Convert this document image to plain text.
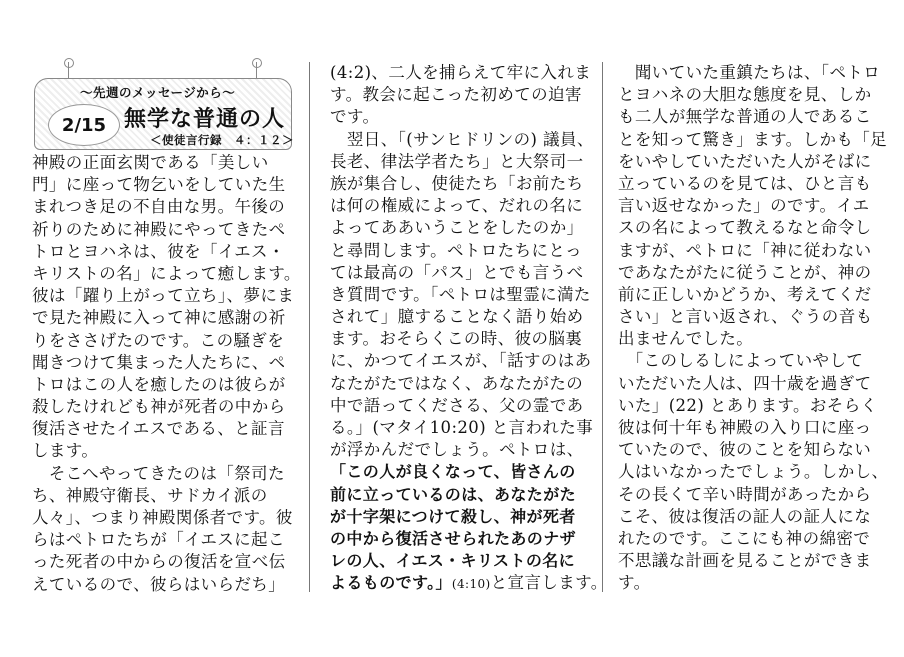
～先週のメッセージから～
2/15 無学な普通の人
＜使徒言行録　４：１２＞
神殿の正面玄関である「美しい
門」に座って物乞いをしていた生
まれつき足の不自由な男。午後の
祈りのために神殿にやってきたペ
トロとヨハネは、彼を「イエス・
キリストの名」によって癒します。
彼は「躍り上がって立ち」、夢にま
で見た神殿に入って神に感謝の祈
りをささげたのです。この騒ぎを
聞きつけて集まった人たちに、ペ
トロはこの人を癒したのは彼らが
殺したけれども神が死者の中から
復活させたイエスである、と証言
します。
　そこへやってきたのは「祭司た
ち、神殿守衛長、サドカイ派の
人々」、つまり神殿関係者です。彼
らはペトロたちが「イエスに起こ
った死者の中からの復活を宣べ伝
えているので、彼らはいらだち」
(4:2)、二人を捕らえて牢に入れま
す。教会に起こった初めての迫害
です。
　翌日、「(サンヒドリンの) 議員、
長老、律法学者たち」と大祭司一
族が集合し、使徒たち「お前たち
は何の権威によって、だれの名に
よってああいうことをしたのか」
と尋問します。ペトロたちにとっ
ては最高の「パス」とでも言うべ
き質問です。「ペトロは聖霊に満た
されて」臆することなく語り始め
ます。おそらくこの時、彼の脳裏
に、かつてイエスが、「話すのはあ
なたがたではなく、あなたがたの
中で語ってくださる、父の霊であ
る。」(マタイ10:20) と言われた事
が浮かんだでしょう。ペトロは、
「この人が良くなって、皆さんの
前に立っているのは、あなたがた
が十字架につけて殺し、神が死者
の中から復活させられたあのナザ
レの人、イエス・キリストの名に
よるものです。」(4:10)と宣言します。
　聞いていた重鎮たちは、「ペトロ
とヨハネの大胆な態度を見、しか
も二人が無学な普通の人であるこ
とを知って驚き」ます。しかも「足
をいやしていただいた人がそばに
立っているのを見ては、ひと言も
言い返せなかった」のです。イエ
スの名によって教えるなと命令し
ますが、ペトロに「神に従わない
であなたがたに従うことが、神の
前に正しいかどうか、考えてくだ
さい」と言い返され、ぐうの音も
出ませんでした。
　「このしるしによっていやして
いただいた人は、四十歳を過ぎて
いた」(22) とあります。おそらく
彼は何十年も神殿の入り口に座っ
ていたので、彼のことを知らない
人はいなかったでしょう。しかし、
その長くて辛い時間があったから
こそ、彼は復活の証人の証人にな
れたのです。ここにも神の綿密で
不思議な計画を見ることができま
す。
